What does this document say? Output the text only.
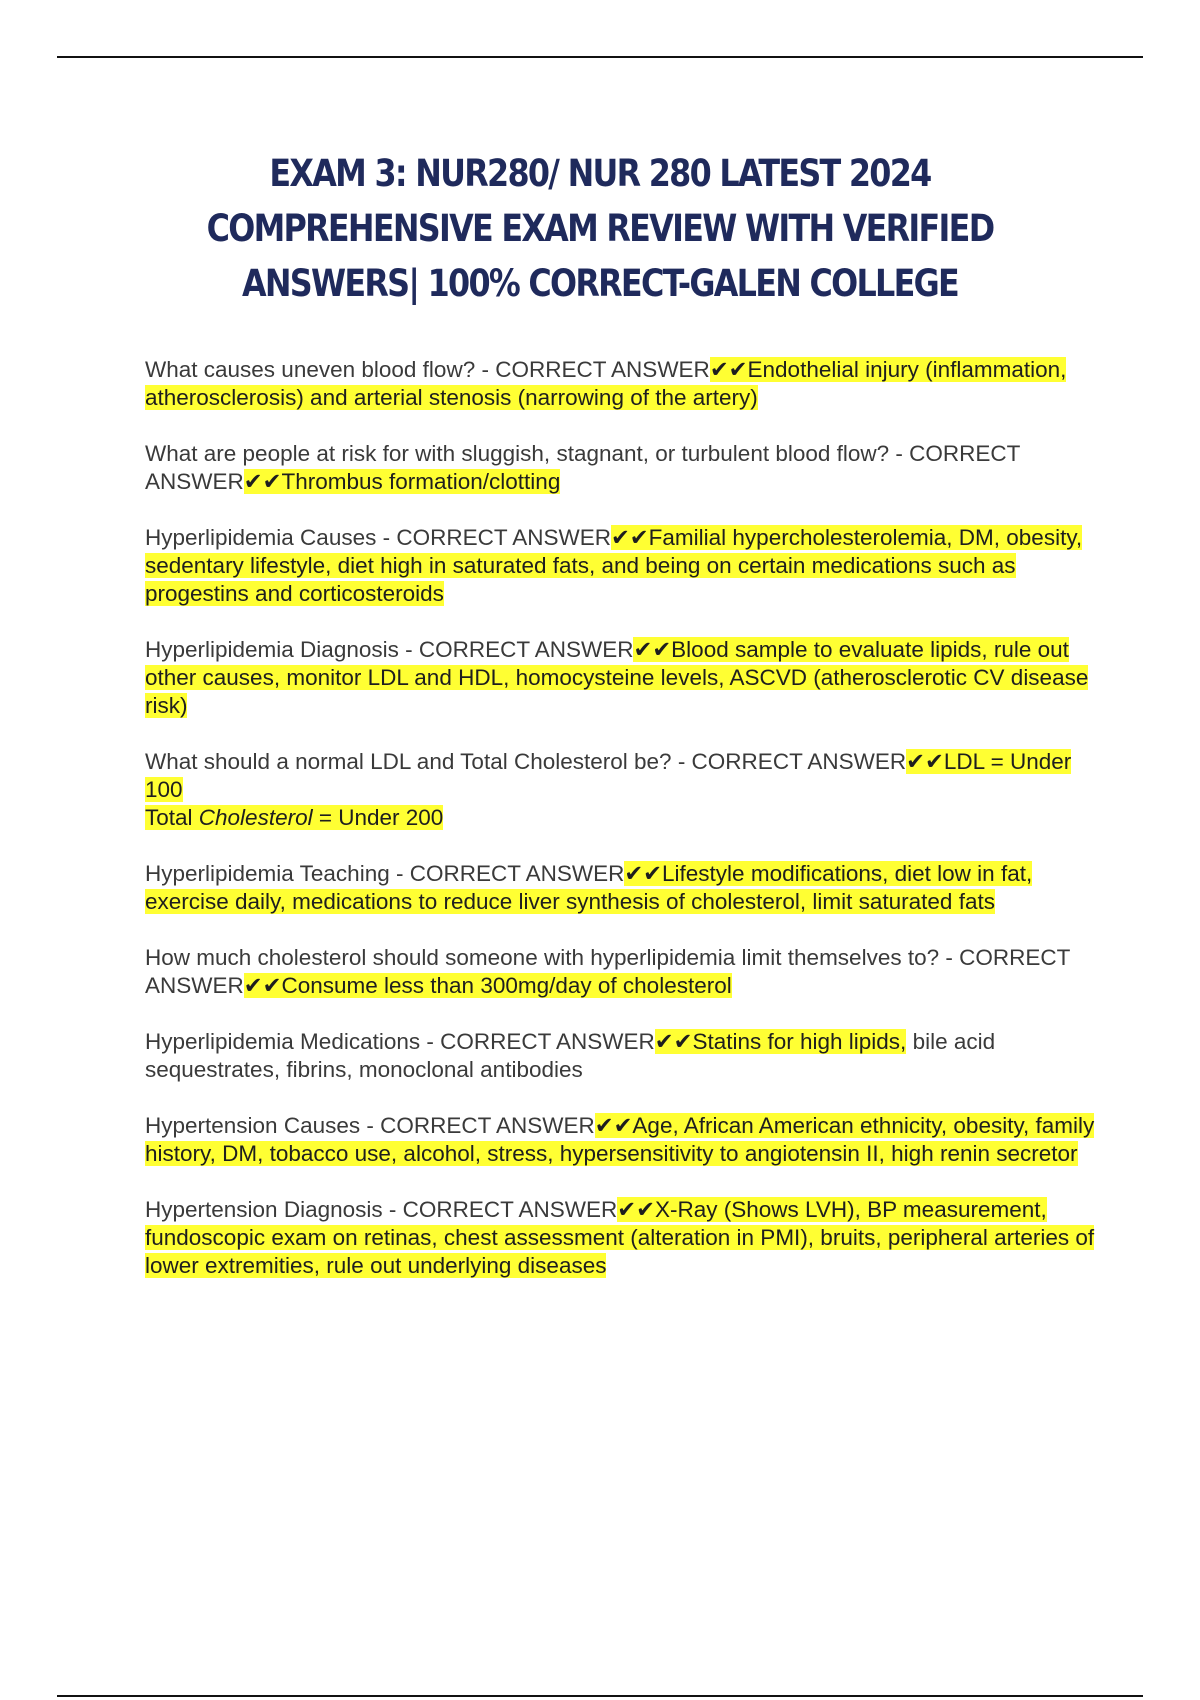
EXAM 3: NUR280/ NUR 280 LATEST 2024 COMPREHENSIVE EXAM REVIEW WITH VERIFIED ANSWERS| 100% CORRECT-GALEN COLLEGE

What causes uneven blood flow? - CORRECT ANSWER✔✔Endothelial injury (inflammation, atherosclerosis) and arterial stenosis (narrowing of the artery)

What are people at risk for with sluggish, stagnant, or turbulent blood flow? - CORRECT ANSWER✔✔Thrombus formation/clotting

Hyperlipidemia Causes - CORRECT ANSWER✔✔Familial hypercholesterolemia, DM, obesity, sedentary lifestyle, diet high in saturated fats, and being on certain medications such as progestins and corticosteroids

Hyperlipidemia Diagnosis - CORRECT ANSWER✔✔Blood sample to evaluate lipids, rule out other causes, monitor LDL and HDL, homocysteine levels, ASCVD (atherosclerotic CV disease risk)

What should a normal LDL and Total Cholesterol be? - CORRECT ANSWER✔✔LDL = Under 100
Total Cholesterol = Under 200

Hyperlipidemia Teaching - CORRECT ANSWER✔✔Lifestyle modifications, diet low in fat, exercise daily, medications to reduce liver synthesis of cholesterol, limit saturated fats

How much cholesterol should someone with hyperlipidemia limit themselves to? - CORRECT ANSWER✔✔Consume less than 300mg/day of cholesterol

Hyperlipidemia Medications - CORRECT ANSWER✔✔Statins for high lipids, bile acid sequestrates, fibrins, monoclonal antibodies

Hypertension Causes - CORRECT ANSWER✔✔Age, African American ethnicity, obesity, family history, DM, tobacco use, alcohol, stress, hypersensitivity to angiotensin II, high renin secretor

Hypertension Diagnosis - CORRECT ANSWER✔✔X-Ray (Shows LVH), BP measurement, fundoscopic exam on retinas, chest assessment (alteration in PMI), bruits, peripheral arteries of lower extremities, rule out underlying diseases
